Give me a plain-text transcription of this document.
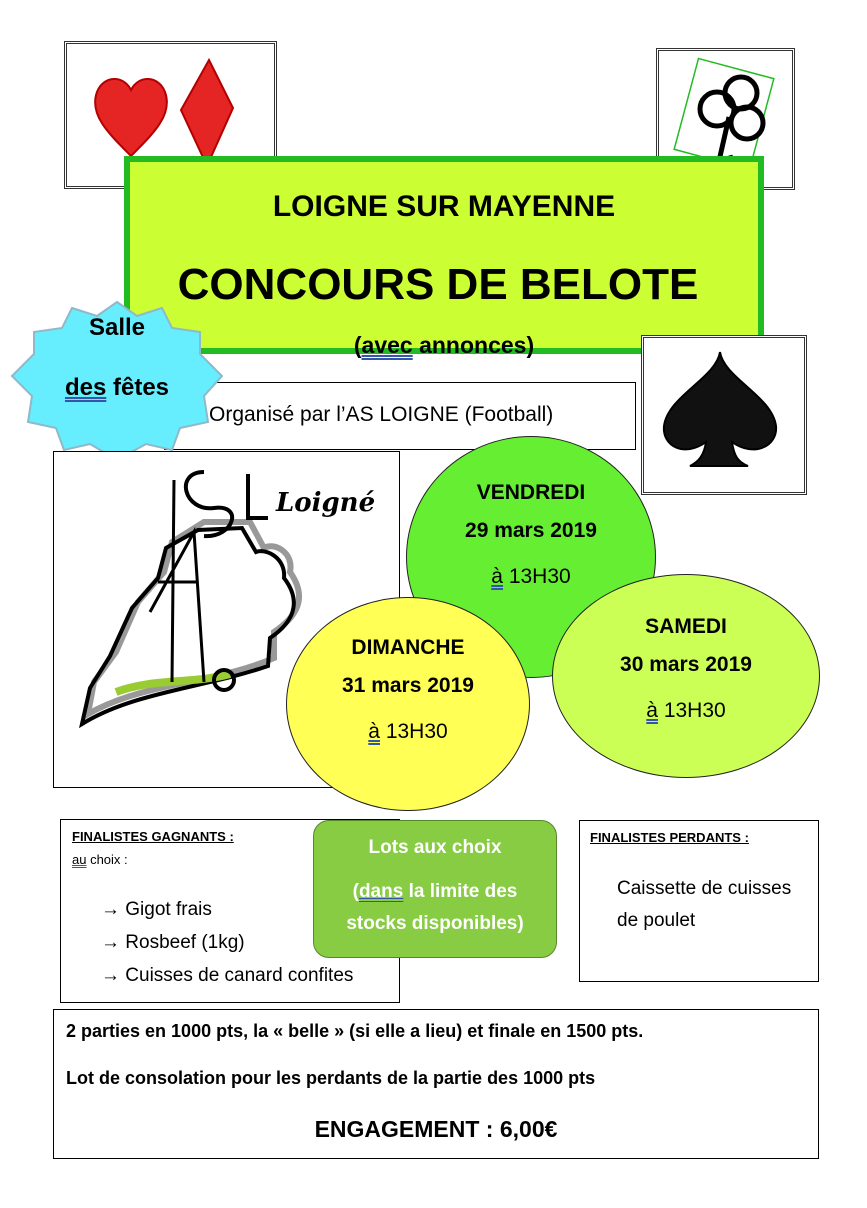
LOIGNE SUR MAYENNE
CONCOURS DE BELOTE
(avec annonces)
Organisé par l’AS LOIGNE (Football)
Salle
des fêtes
Loigné	VENDREDI
29 mars 2019
à 13H30
SAMEDI
30 mars 2019
à 13H30
DIMANCHE
31 mars 2019
à 13H30
FINALISTES GAGNANTS :
au choix :

→ Gigot frais

→ Rosbeef (1kg)

→ Cuisses de canard confites

Lots aux choix
(dans la limite des
stocks disponibles)
FINALISTES PERDANTS :
Caissette de cuisses
de poulet
2 parties en 1000 pts, la « belle » (si elle a lieu) et finale en 1500 pts.
Lot de consolation pour les perdants de la partie des 1000 pts
ENGAGEMENT : 6,00€
